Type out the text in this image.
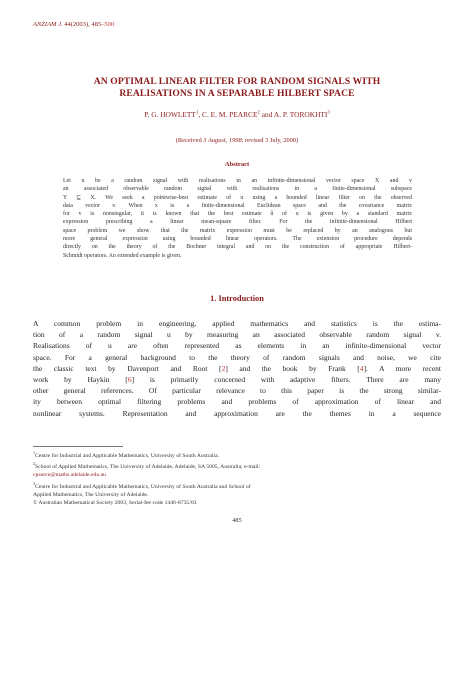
ANZIAM J. 44(2003), 485–500
AN OPTIMAL LINEAR FILTER FOR RANDOM SIGNALS WITH
REALISATIONS IN A SEPARABLE HILBERT SPACE
P. G. HOWLETT$^1$, C. E. M. PEARCE$^2$ and A. P. TOROKHTI$^3$
(Received 3 August, 1998; revised 3 July, 2000)
Abstract
Let u be a random signal with realisations in an infinite-dimensional vector space X and v
an associated observable random signal with realisations in a finite-dimensional subspace
Y ⊆ X. We seek a pointwise-best estimate of u using a bounded linear filter on the observed
data vector v. When x is a finite-dimensional Euclidean space and the covariance matrix
for v is nonsingular, it is known that the best estimate û of u is given by a standard matrix
expression prescribing a linear mean-square filter. For the infinite-dimensional Hilbert
space problem we show that the matrix expression must be replaced by an analogous but
more general expression using bounded linear operators. The extension procedure depends
directly on the theory of the Bochner integral and on the construction of appropriate Hilbert-
Schmidt operators. An extended example is given.
1. Introduction
A common problem in engineering, applied mathematics and statistics is the estima-
tion of a random signal u by measuring an associated observable random signal v.
Realisations of u are often represented as elements in an infinite-dimensional vector
space. For a general background to the theory of random signals and noise, we cite
the classic text by Davenport and Root [2] and the book by Frank [4]. A more recent
work by Haykin [6] is primarily concerned with adaptive filters. There are many
other general references. Of particular relevance to this paper is the strong similar-
ity between optimal filtering problems and problems of approximation of linear and
nonlinear systems. Representation and approximation are the themes in a sequence
$^1$Centre for Industrial and Applicable Mathematics, University of South Australia.
$^2$School of Applied Mathematics, The University of Adelaide, Adelaide, SA 5005, Australia; e-mail:
cpearce@maths.adelaide.edu.au
$^3$Centre for Industrial and Applicable Mathematics, University of South Australia and School of
Applied Mathematics, The University of Adelaide.
© Australian Mathematical Society 2003, Serial-fee code 1446-8735/03
485
